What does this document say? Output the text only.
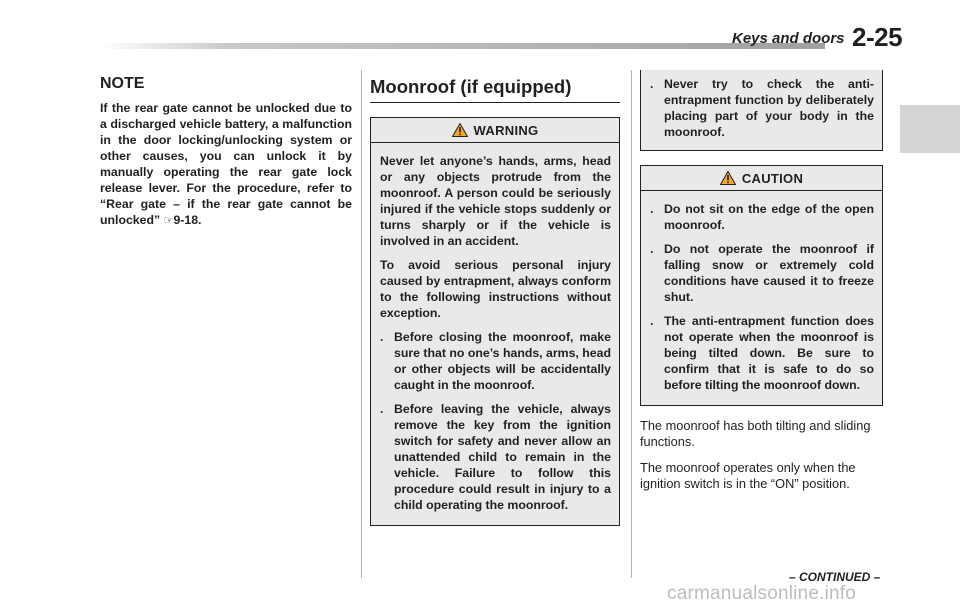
Keys and doors 2-25
NOTE

If the rear gate cannot be unlocked due to a discharged vehicle battery, a malfunction in the door locking/unlocking system or other causes, you can unlock it by manually operating the rear gate lock release lever. For the procedure, refer to “Rear gate – if the rear gate cannot be unlocked” ☞9-18.

Moonroof (if equipped)
WARNING

Never let anyone’s hands, arms, head or any objects protrude from the moonroof. A person could be seriously injured if the vehicle stops suddenly or turns sharply or if the vehicle is involved in an accident.

To avoid serious personal injury caused by entrapment, always conform to the following instructions without exception.

. Before closing the moonroof, make sure that no one’s hands, arms, head or other objects will be accidentally caught in the moonroof.
. Before leaving the vehicle, always remove the key from the ignition switch for safety and never allow an unattended child to remain in the vehicle. Failure to follow this procedure could result in injury to a child operating the moonroof.
. Never try to check the anti-entrapment function by deliberately placing part of your body in the moonroof.
CAUTION
. Do not sit on the edge of the open moonroof.
. Do not operate the moonroof if falling snow or extremely cold conditions have caused it to freeze shut.
. The anti-entrapment function does not operate when the moonroof is being tilted down. Be sure to confirm that it is safe to do so before tilting the moonroof down.

The moonroof has both tilting and sliding functions.

The moonroof operates only when the ignition switch is in the “ON” position.

– CONTINUED –
carmanualsonline.info
